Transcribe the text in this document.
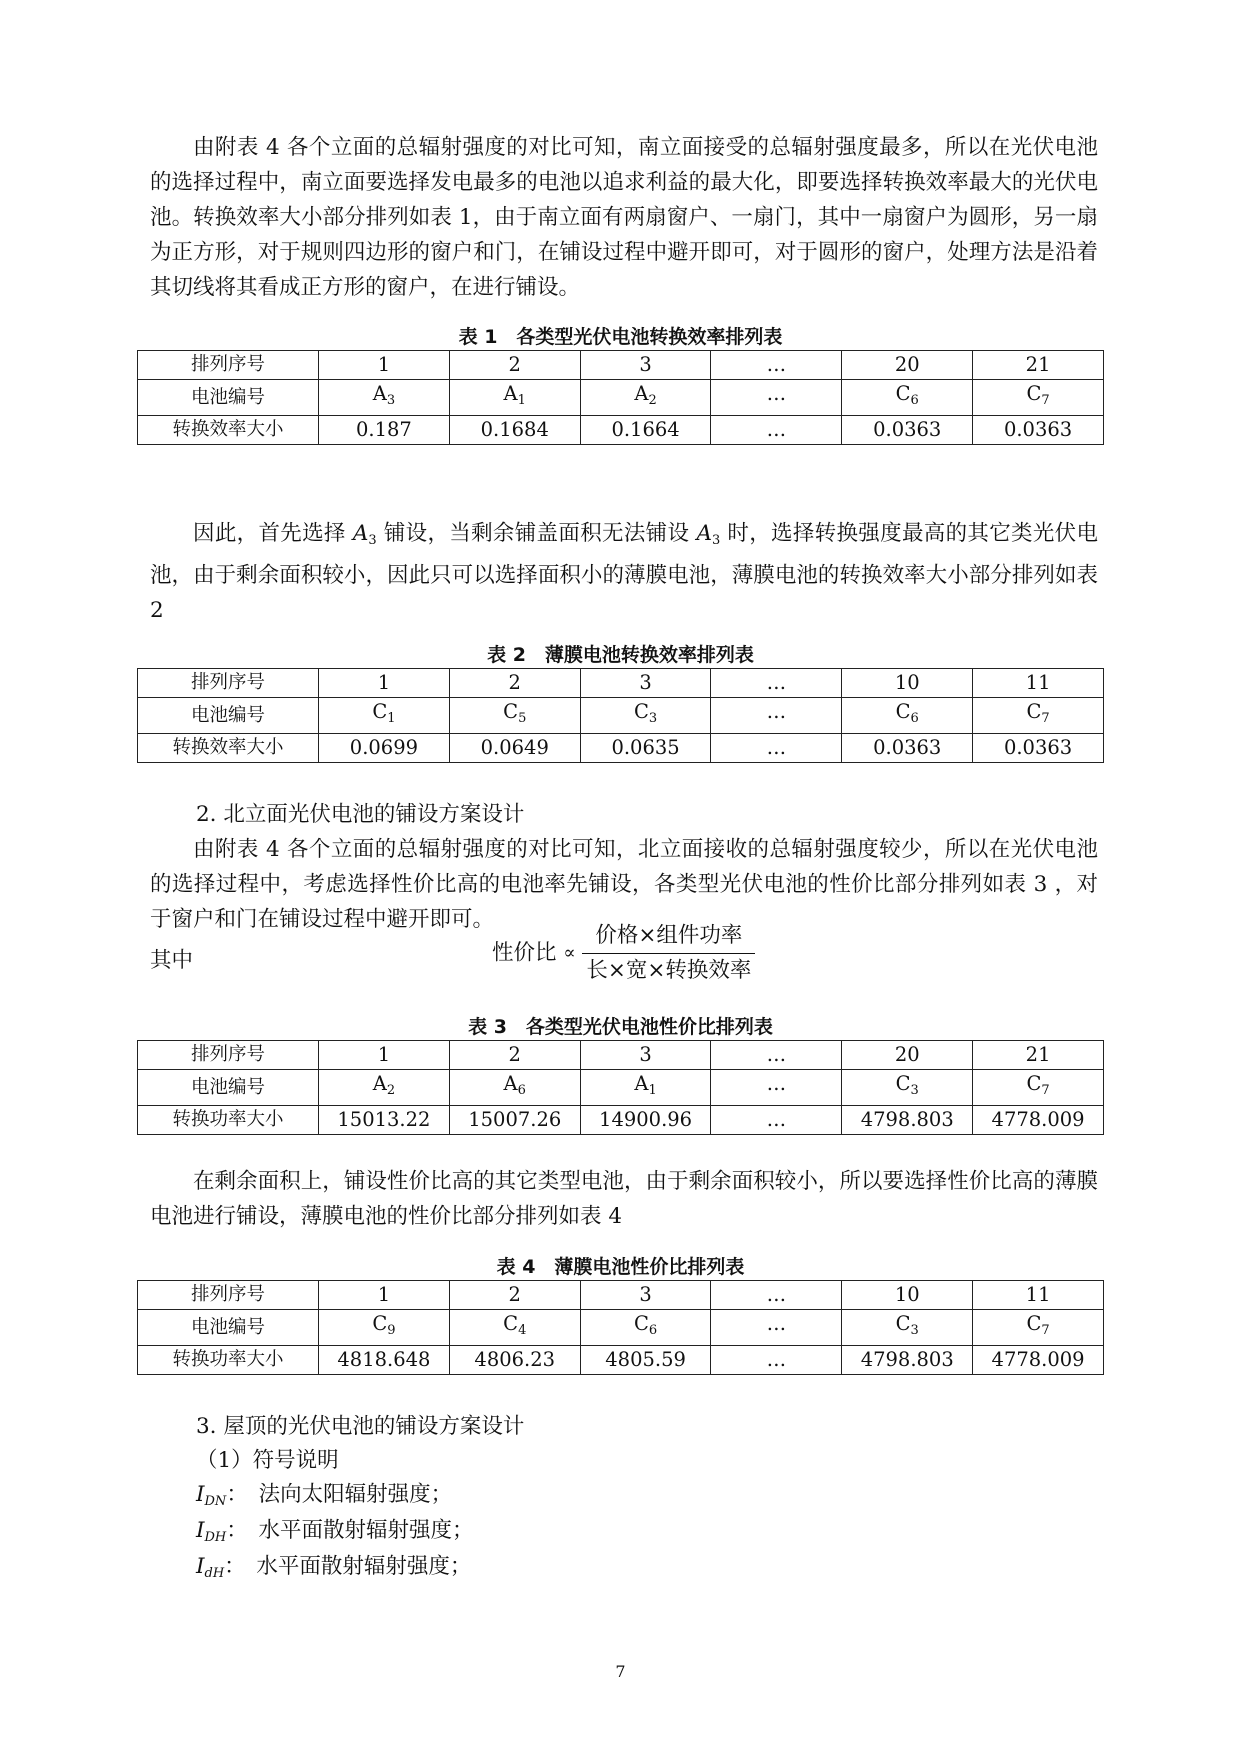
由附表 4 各个立面的总辐射强度的对比可知，南立面接受的总辐射强度最多，所以在光伏电池的选择过程中，南立面要选择发电最多的电池以追求利益的最大化，即要选择转换效率最大的光伏电池。转换效率大小部分排列如表 1，由于南立面有两扇窗户、一扇门，其中一扇窗户为圆形，另一扇为正方形，对于规则四边形的窗户和门，在铺设过程中避开即可，对于圆形的窗户，处理方法是沿着其切线将其看成正方形的窗户，在进行铺设。

表 1　各类型光伏电池转换效率排列表
排列序号	1	2	3	…	20	21
电池编号	$A_3$	$A_1$	$A_2$	…	$C_6$	$C_7$
转换效率大小	0.187	0.1684	0.1664	…	0.0363	0.0363

因此，首先选择 $A_3$ 铺设，当剩余铺盖面积无法铺设 $A_3$ 时，选择转换强度最高的其它类光伏电池，由于剩余面积较小，因此只可以选择面积小的薄膜电池，薄膜电池的转换效率大小部分排列如表 2

表 2　薄膜电池转换效率排列表
排列序号	1	2	3	…	10	11
电池编号	$C_1$	$C_5$	$C_3$	…	$C_6$	$C_7$
转换效率大小	0.0699	0.0649	0.0635	…	0.0363	0.0363
2. 北立面光伏电池的铺设方案设计

由附表 4 各个立面的总辐射强度的对比可知，北立面接收的总辐射强度较少，所以在光伏电池的选择过程中，考虑选择性价比高的电池率先铺设，各类型光伏电池的性价比部分排列如表 3 ，对于窗户和门在铺设过程中避开即可。

其中	性价比 ∝ $\frac{\text{价格×组件功率}}{\text{长×宽×转换效率}}$
表 3　各类型光伏电池性价比排列表
排列序号	1	2	3	…	20	21
电池编号	$A_2$	$A_6$	$A_1$	…	$C_3$	$C_7$
转换功率大小	15013.22	15007.26	14900.96	…	4798.803	4778.009

在剩余面积上，铺设性价比高的其它类型电池，由于剩余面积较小，所以要选择性价比高的薄膜电池进行铺设，薄膜电池的性价比部分排列如表 4

表 4　薄膜电池性价比排列表
排列序号	1	2	3	…	10	11
电池编号	$C_9$	$C_4$	$C_6$	…	$C_3$	$C_7$
转换功率大小	4818.648	4806.23	4805.59	…	4798.803	4778.009
3. 屋顶的光伏电池的铺设方案设计
（1）符号说明
$I_{DN}$：　法向太阳辐射强度；
$I_{DH}$：　水平面散射辐射强度；
$I_{dH}$：　水平面散射辐射强度；
7
